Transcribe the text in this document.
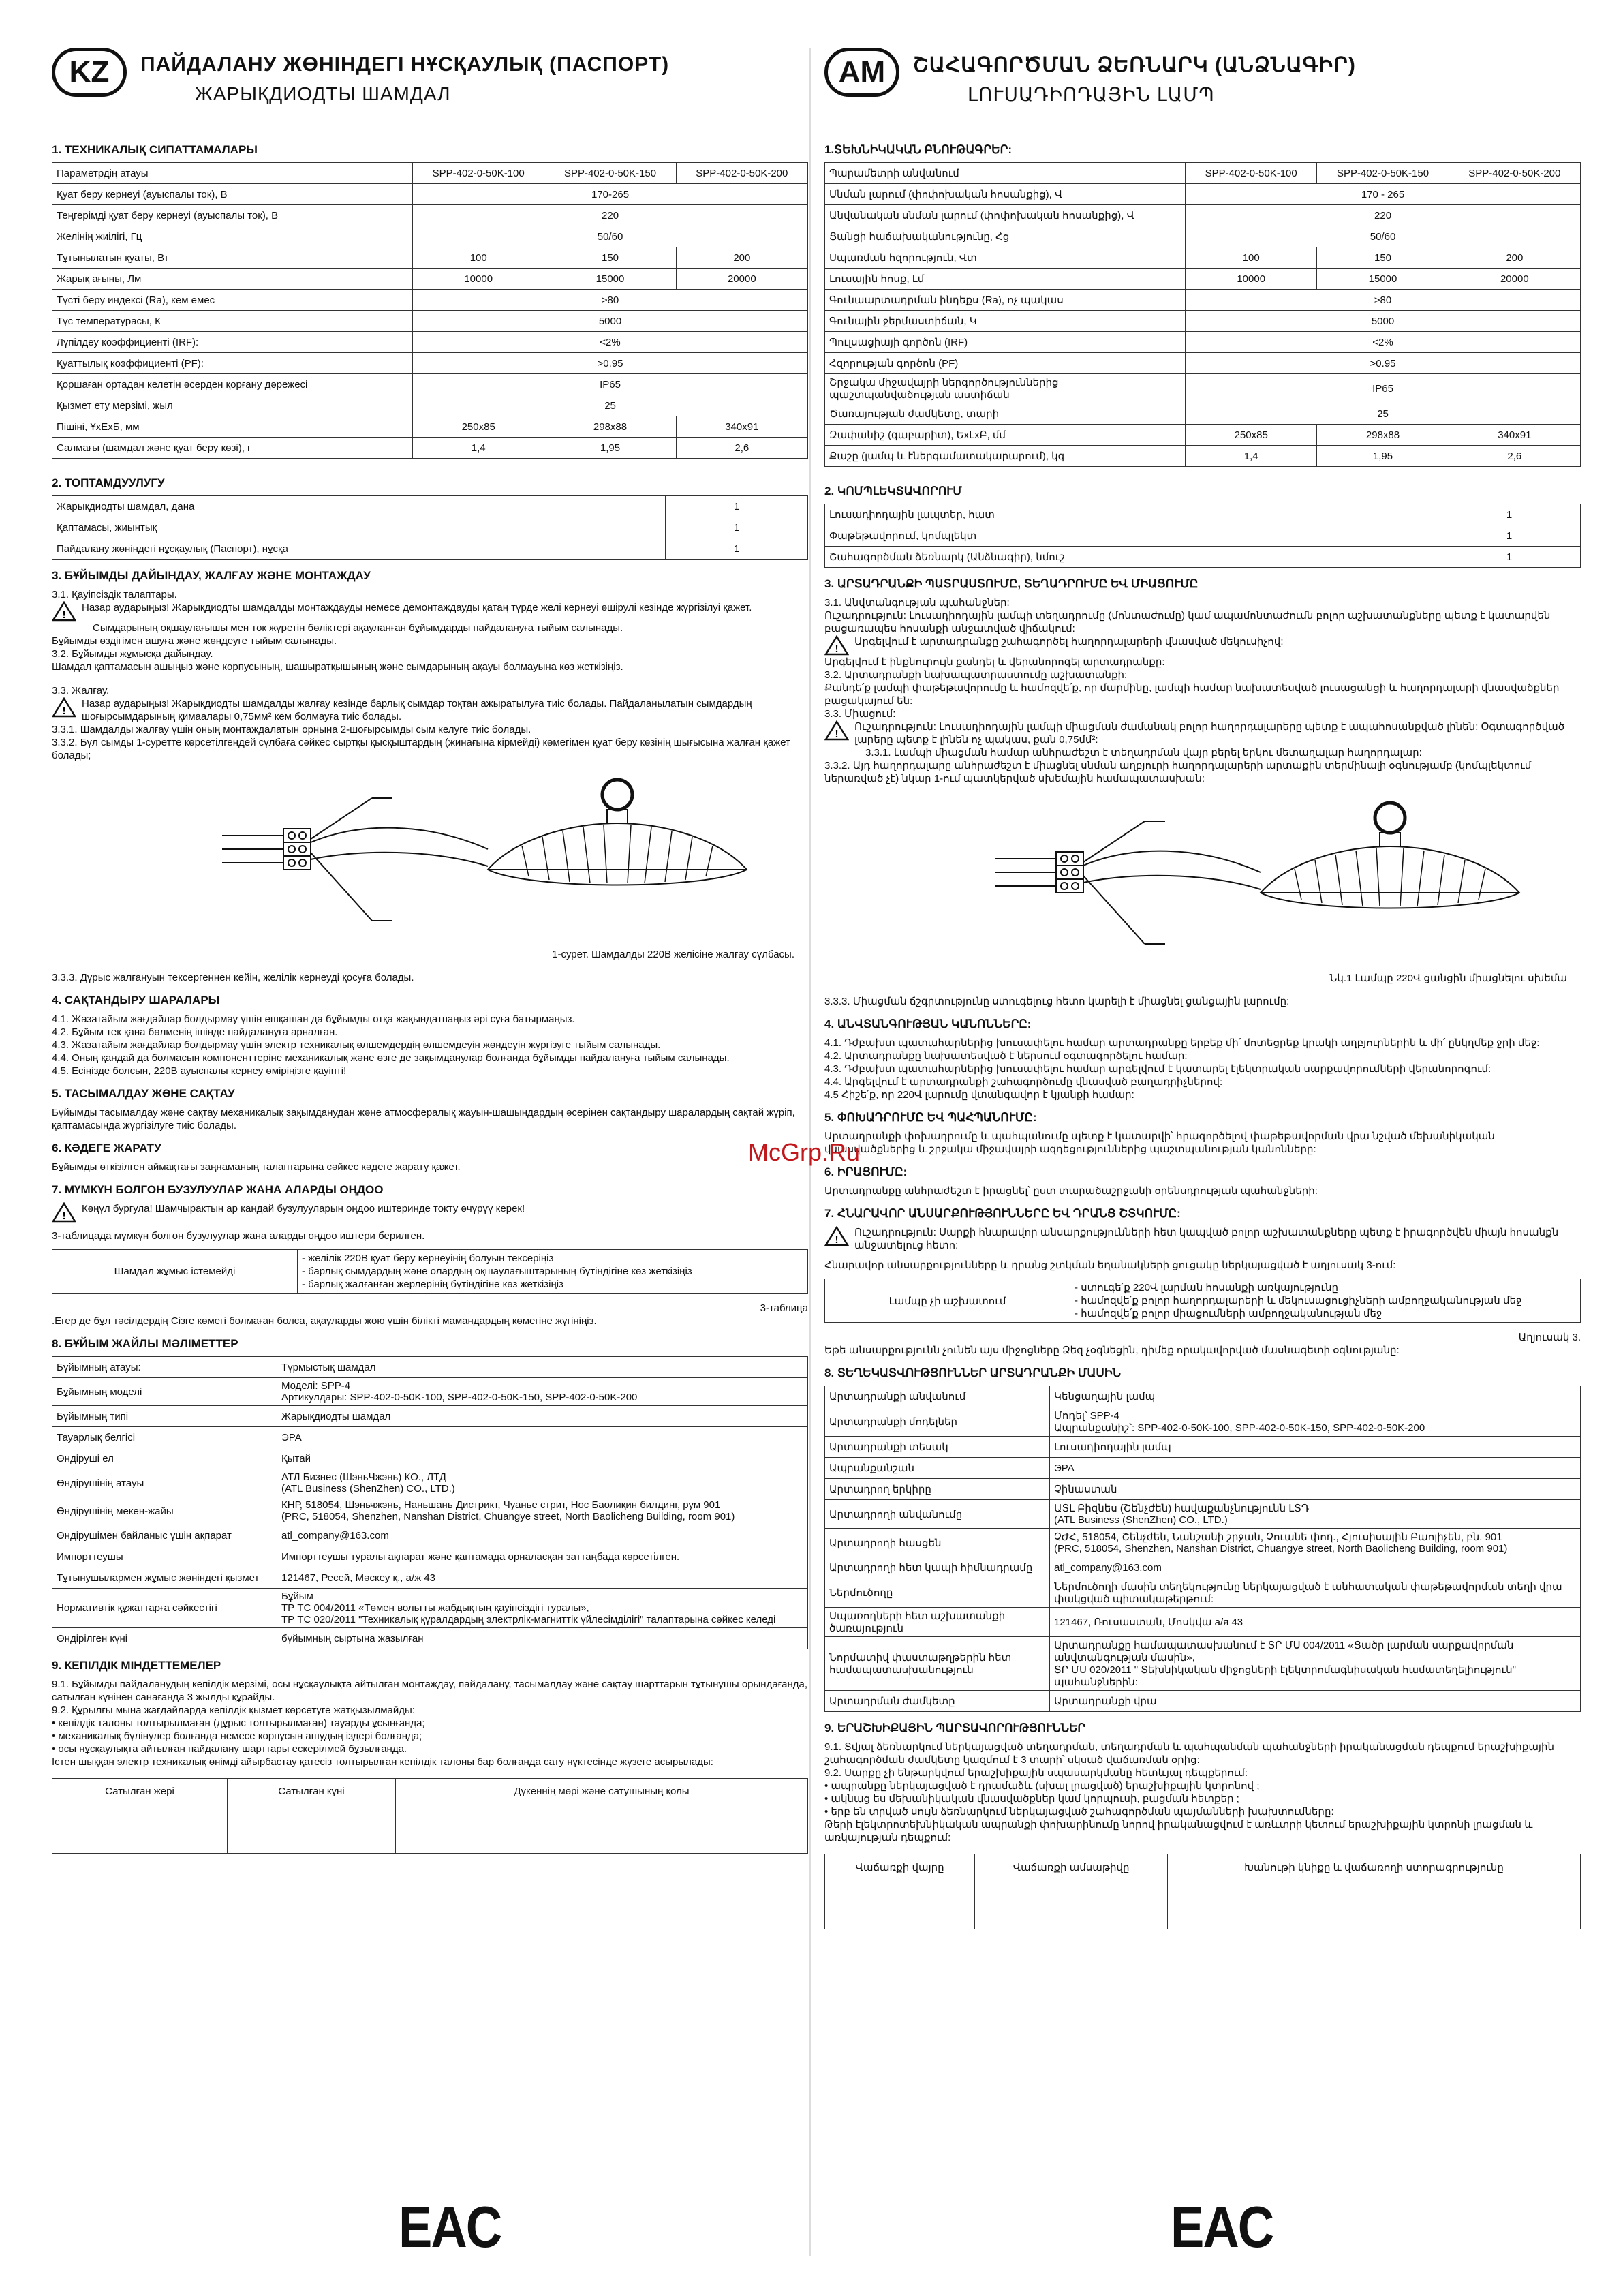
KZ	ПАЙДАЛАНУ ЖӨНІНДЕГІ НҰСҚАУЛЫҚ (ПАСПОРТ)
ЖАРЫҚДИОДТЫ ШАМДАЛ
1. ТЕХНИКАЛЫҚ СИПАТТАМАЛАРЫ
Параметрдің атауы	SPP-402-0-50K-100	SPP-402-0-50K-150	SPP-402-0-50K-200
Қуат беру кернеуі (ауыспалы ток), В	170-265		
Теңгерімді қуат беру кернеуі (ауыспалы ток), В	220		
Желінің жиілігі, Гц	50/60		
Тұтынылатын қуаты, Вт	100	150	200
Жарық ағыны, Лм	10000	15000	20000
Түсті беру индексі (Ra), кем емес	>80		
Түс температурасы, К	5000		
Лүпілдеу коэффициенті (IRF):	<2%		
Қуаттылық коэффициенті (PF):	>0.95		
Қоршаған ортадан келетін әсерден қорғану дәрежесі	IP65		
Қызмет ету мерзімі, жыл	25		
Пішіні, ҰхЕхБ, мм	250х85	298х88	340х91
Салмағы (шамдал және қуат беру көзі), г	1,4	1,95	2,6
2. ТОПТАМДУУЛУГУ
Жарықдиодты шамдал, дана	1
Қаптамасы, жиынтық	1
Пайдалану жөніндегі нұсқаулық (Паспорт), нұсқа	1
3. БҰЙЫМДЫ ДАЙЫНДАУ, ЖАЛҒАУ ЖӘНЕ МОНТАЖДАУ
3.1. Қауіпсіздік талаптары.
!
Назар аударыңыз! Жарықдиодты шамдалды монтаждауды немесе демонтаждауды қатаң түрде желі кернеуі өшірулі кезінде жүргізілуі қажет.
Сымдарының оқшаулағышы мен ток жүретін бөліктері ақауланған бұйымдарды пайдалануға тыйым салынады.
Бұйымды өздігімен ашуға және жөндеуге тыйым салынады.
3.2. Бұйымды жұмысқа дайындау.
Шамдал қаптамасын ашыңыз және корпусының, шашыратқышының және сымдарының ақауы болмауына көз жеткізіңіз.
3.3. Жалғау.
!
Назар аударыңыз! Жарықдиодты шамдалды жалғау кезінде барлық сымдар тоқтан ажыратылуға тиіс болады. Пайдаланылатын сымдардың шоғырсымдарының қимаалары 0,75мм² кем болмауға тиіс болады.
3.3.1. Шамдалды жалғау үшін оның монтаждалатын орнына 2-шоғырсымды сым келуге тиіс болады.
3.3.2. Бұл сымды 1-суретте көрсетілгендей сұлбаға сәйкес сыртқы қысқыштардың (жинағына кірмейді) көмегімен қуат беру көзінің шығысына жалған қажет болады;
1-сурет. Шамдалды 220В желісіне жалғау сұлбасы.
3.3.3. Дұрыс жалғануын тексергеннен кейін, желілік кернеуді қосуға болады.
4. САҚТАНДЫРУ ШАРАЛАРЫ
4.1. Жазатайым жағдайлар болдырмау үшін ешқашан да бұйымды отқа жақындатпаңыз әрі суға батырмаңыз.
4.2. Бұйым тек қана бөлменің ішінде пайдалануға арналған.
4.3. Жазатайым жағдайлар болдырмау үшін электр техникалық өлшемдердің өлшемдеуін жөндеуін жүргізуге тыйым салынады.
4.4. Оның қандай да болмасын компоненттеріне механикалық және өзге де зақымданулар болғанда бұйымды пайдалануға тыйым салынады.
4.5. Есіңізде болсын, 220В ауыспалы кернеу өміріңізге қауіпті!
5. ТАСЫМАЛДАУ ЖӘНЕ САҚТАУ
Бұйымды тасымалдау және сақтау механикалық зақымданудан және атмосфералық жауын-шашындардың әсерінен сақтандыру шаралардың сақтай жүріп, қаптамасында жүргізілуге тиіс болады.
6. КӘДЕГЕ ЖАРАТУ
Бұйымды өткізілген аймақтағы заңнаманың талаптарына сәйкес кәдеге жарату қажет.
7. МҮМКҮН БОЛГОН БУЗУЛУУЛАР ЖАНА АЛАРДЫ ОҢДОО
!
Көңүл бургула! Шамчырактын ар кандай бузулууларын оңдоо иштеринде токту өчүрүү керек!
3-таблицада мүмкүн болгон бузулуулар жана аларды оңдоо иштери берилген.
Шамдал жұмыс істемейді	
- желілік 220В қуат беру кернеуінің болуын тексеріңіз
- барлық сымдардың және олардың оқшаулағыштарының бүтіндігіне көз жеткізіңіз
- барлық жалғанған жерлерінің бүтіндігіне көз жеткізіңіз
3-таблица
.Егер де бұл тәсілдердің Сізге көмегі болмаған болса, ақауларды жою үшін білікті мамандардың көмегіне жүгініңіз.
8. БҰЙЫМ ЖАЙЛЫ МӘЛІМЕТТЕР
Бұйымның атауы:	Тұрмыстық шамдал
Бұйымның моделі	Моделі: SPP-4
Артикулдары: SPP-402-0-50K-100, SPP-402-0-50K-150, SPP-402-0-50K-200
Бұйымның типі	Жарықдиодты шамдал
Тауарлық белгісі	ЭРА
Өндіруші ел	Қытай
Өндірушінің атауы	АТЛ Бизнес (ШэньЧжэнь) КО., ЛТД
(ATL Business (ShenZhen) CO., LTD.)
Өндірушінің мекен-жайы	КНР, 518054, Шэньчжэнь, Наньшань Дистрикт, Чуанье стрит, Нос Баолиқин билдинг, рум 901
(PRC, 518054, Shenzhen, Nanshan District, Chuangye street, North Baolicheng Building, room 901)
Өндірушімен байланыс үшін ақпарат	atl_company@163.com
Импорттеушы	Импорттеушы туралы ақпарат және қаптамада орналасқан заттаңбада көрсетілген.
Тұтынушылармен жұмыс жөніндегі қызмет	121467, Ресей, Мәскеу қ., а/ж 43
Нормативтік құжаттарға сәйкестігі	Бұйым
ТР ТС 004/2011 «Төмен вольтты жабдықтың қауіпсіздігі туралы»,
ТР ТС 020/2011 "Техникалық құралдардың электрлік-магниттік үйлесімділігі" талаптарына сәйкес келеді
Өндірілген күні	бұйымның сыртына жазылған
9. КЕПІЛДІК МІНДЕТТЕМЕЛЕР
9.1. Бұйымды пайдаланудың кепілдік мерзімі, осы нұсқаулықта айтылған монтаждау, пайдалану, тасымалдау және сақтау шарттарын тұтынушы орындағанда, сатылған күнінен санағанда 3 жылды құрайды.
9.2. Құрылғы мына жағдайларда кепілдік қызмет көрсетуге жатқызылмайды:
• кепілдік талоны толтырылмаған (дұрыс толтырылмаған) тауарды ұсынғанда;
• механикалық бүлінулер болғанда немесе корпусын ашудың іздері болғанда;
• осы нұсқаулықта айтылған пайдалану шарттары ескерілмей бұзылғанда.
Істен шыққан электр техникалық өнімді айырбастау қатесіз толтырылған кепілдік талоны бар болғанда сату нүктесінде жүзеге асырылады:
Сатылған жері	Сатылған күні	Дүкеннің мөрі және сатушының қолы
EAC
AM	ՇԱՀԱԳՈՐԾՄԱՆ ՁԵՌՆԱՐԿ (ԱՆՁՆԱԳԻՐ)
ԼՈՒՍԱԴԻՈԴԱՅԻՆ ԼԱՄՊ
1.ՏԵԽՆԻԿԱԿԱՆ ԲՆՈՒԹԱԳՐԵՐ:
Պարամետրի անվանում	SPP-402-0-50K-100	SPP-402-0-50K-150	SPP-402-0-50K-200
Սնման լարում (փոփոխական հոսանքից), Վ	170 - 265		
Անվանական սնման լարում (փոփոխական հոսանքից), Վ	220		
Ցանցի հաճախականությունը, Հց	50/60		
Սպառման հզորություն, Վտ	100	150	200
Լուսային հոսք, Լմ	10000	15000	20000
Գունաարտադրման ինդեքս (Ra), ոչ պակաս	>80		
Գունային ջերմաստիճան, Կ	5000		
Պուլսացիայի գործոն (IRF)	<2%		
Հզորության գործոն (PF)	>0.95		
Շրջակա միջավայրի ներգործություններից պաշտպանվածության աստիճան	IP65		
Ծառայության ժամկետը, տարի	25		
Զափանիշ (գաբարիտ), ԵxԼxԲ, մմ	250x85	298x88	340x91
Քաշը (լամպ և էներգամատակարարում), կգ	1,4	1,95	2,6
2. ԿՈՄՊԼԵԿՏԱՎՈՐՈՒՄ
Լուսադիոդային լապտեր, հատ	1
Փաթեթավորում, կոմպլեկտ	1
Շահագործման ձեռնարկ (Անձնագիր), նմուշ	1
3. ԱՐՏԱԴՐԱՆՔԻ ՊԱՏՐԱՍՏՈՒՄԸ, ՏԵՂԱԴՐՈՒՄԸ ԵՎ ՄԻԱՑՈՒՄԸ
3.1. Անվտանգության պահանջներ:
Ուշադրություն: Լուսադիոդային լամպի տեղադրումը (մոնտաժումը) կամ ապամոնտաժումն բոլոր աշխատանքները պետք է կատարվեն բացառապես հոսանքի անջատված վիճակում:
!
Արգելվում է արտադրանքը շահագործել հաղորդալարերի վնասված մեկուսիչով:
Արգելվում է ինքնուրույն քանդել և վերանորոգել արտադրանքը:
3.2. Արտադրանքի նախապատրաստումը աշխատանքի:
Քանդե՛ք լամպի փաթեթավորումը և համոզվե՛ք, որ մարմինը, լամպի համար նախատեսված լուսացանցի և հաղորդալարի վնասվածքներ բացակայում են:
3.3. Միացում:
!
Ուշադրություն: Լուսադիոդային լամպի միացման ժամանակ բոլոր հաղորդալարերը պետք է ապահոսանքված լինեն: Օգտագործված լարերը պետք է լինեն ոչ պակաս, քան 0,75մմ²:
3.3.1. Լամպի միացման համար անհրաժեշտ է տեղադրման վայր բերել երկու մետաղալար հաղորդալար:
3.3.2. Այդ հաղորդալարը անհրաժեշտ է միացնել սնման աղբյուրի հաղորդալարերի արտաքին տերմինալի օգնությամբ (կոմպլեկտում ներառված չէ) նկար 1-ում պատկերված սխեմային համապատասխան:
Նկ.1 Լամպը 220Վ ցանցին միացնելու սխեմա
3.3.3. Միացման ճշգրտությունը ստուգելուց հետո կարելի է միացնել ցանցային լարումը:
4. ԱՆՎՏԱՆԳՈՒԹՅԱՆ ԿԱՆՈՆՆԵՐԸ:
4.1. Դժբախտ պատահարներից խուսափելու համար արտադրանքը երբեք մի՛ մոտեցրեք կրակի աղբյուրներին և մի՛ ընկղմեք ջրի մեջ:
4.2. Արտադրանքը նախատեսված է ներսում օգտագործելու համար:
4.3. Դժբախտ պատահարներից խուսափելու համար արգելվում է կատարել էլեկտրական սարքավորումների վերանորոգում:
4.4. Արգելվում է արտադրանքի շահագործումը վնասված բաղադրիչներով:
4.5 Հիշե՛ք, որ 220Վ լարումը վտանգավոր է կյանքի համար:
5. ՓՈԽԱԴՐՈՒՄԸ ԵՎ ՊԱՀՊԱՆՈՒՄԸ:
Արտադրանքի փոխադրումը և պահպանումը պետք է կատարվի՝ հրագործելով փաթեթավորման վրա նշված մեխանիկական վնասվածքներից և շրջակա միջավայրի ազդեցություններից պաշտպանության կանոնները:
6. ԻՐԱՑՈՒՄԸ:
Արտադրանքը անհրաժեշտ է իրացնել՝ ըստ տարածաշրջանի օրենսդրության պահանջների:
7. ՀՆԱՐԱՎՈՐ ԱՆՍԱՐՔՈՒԹՅՈՒՆՆԵՐԸ ԵՎ ԴՐԱՆՑ ՇՏԿՈՒՄԸ:
!
Ուշադրություն: Սարքի հնարավոր անսարքությունների հետ կապված բոլոր աշխատանքները պետք է իրագործվեն միայն հոսանքն անջատելուց հետո:
Հնարավոր անսարքությունները և դրանց շտկման եղանակների ցուցակը ներկայացված է աղյուսակ 3-ում:
Լամպը չի աշխատում	
- ստուգե՛ք 220Վ լարման հոսանքի առկայությունը
- համոզվե՛ք բոլոր հաղորդալարերի և մեկուսացուցիչների ամբողջականության մեջ
- համոզվե՛ք բոլոր միացումների ամբողջականության մեջ
Աղյուսակ 3.
Եթե անսարքությունն չունեն այս միջոցները Ձեզ չօգնեցին, դիմեք որակավորված մասնագետի օգնությանը:
8. ՏԵՂԵԿԱՏՎՈՒԹՅՈՒՆՆԵՐ ԱՐՏԱԴՐԱՆՔԻ ՄԱՍԻՆ
Արտադրանքի անվանում	Կենցաղային լամպ
Արտադրանքի մոդելներ	Մոդել՝ SPP-4
Ապրանքանիշ՝: SPP-402-0-50K-100, SPP-402-0-50K-150, SPP-402-0-50K-200
Արտադրանքի տեսակ	Լուսադիոդային լամպ
Ապրանքանշան	ЭРА
Արտադրող երկիրը	Չինաստան
Արտադրողի անվանումը	ԱՏԼ Բիզնես (Շենչժեն) հավաքանչնությունն ԼՏԴ
(ATL Business (ShenZhen) CO., LTD.)
Արտադրողի հասցեն	ՉԺՀ, 518054, Շենչժեն, Նանշանի շրջան, Չուանե փող., Հյուսիսային Բաոլիչեն, բն. 901
(PRC, 518054, Shenzhen, Nanshan District, Chuangye street, North Baolicheng Building, room 901)
Արտադրողի հետ կապի հիմնադրամը	atl_company@163.com
Ներմուծողը	Ներմուծողի մասին տեղեկությունը ներկայացված է անհատական փաթեթավորման տեղի վրա փակցված պիտակաթերթում:
Սպառողների հետ աշխատանքի ծառայություն	121467, Ռուսաստան, Մոսկվա a/я 43
Նորմատիվ փաստաթղթերին հետ համապատասխանություն	Արտադրանքը համապատասխանում է ՏՐ ՄՍ 004/2011 «Ցածր լարման սարքավորման անվտանգության մասին»,
ՏՐ ՄՍ 020/2011 " Տեխնիկական միջոցների էլեկտրոմագնիսական համատեղելիություն" պահանջներին:
Արտադրման ժամկետը	Արտադրանքի վրա
9. ԵՐԱՇԽԻՔԱՅԻՆ ՊԱՐՏԱՎՈՐՈՒԹՅՈՒՆՆԵՐ
9.1. Տվյալ ձեռնարկում ներկայացված տեղադրման, տեղադրման և պահպանման պահանջների իրականացման դեպքում երաշխիքային շահագործման ժամկետը կազմում է 3 տարի՝ սկսած վաճառման օրից:
9.2. Սարքը չի ենթարկվում երաշխիքային սպասարկմանը հետևյալ դեպքերում:
• ապրանքը ներկայացված է դրամաձև (սխալ լրացված) երաշխիքային կտրոնով ;
• ակնաց ես մեխանիկական վնասվածքներ կամ կորպուսի, բացման հետքեր ;
• երբ են տրված սույն ձեռնարկում ներկայացված շահագործման պայմանների խախտումները:
Թերի էլեկտրոտեխնիկական ապրանքի փոխարինումը նորով իրականացվում է առևտրի կետում երաշխիքային կտրոնի լրացման և առկայության դեպքում:
Վաճառքի վայրը	Վաճառքի ամսաթիվը	Խանութի կնիքը և վաճառողի ստորագրությունը
EAC
McGrp.Ru
